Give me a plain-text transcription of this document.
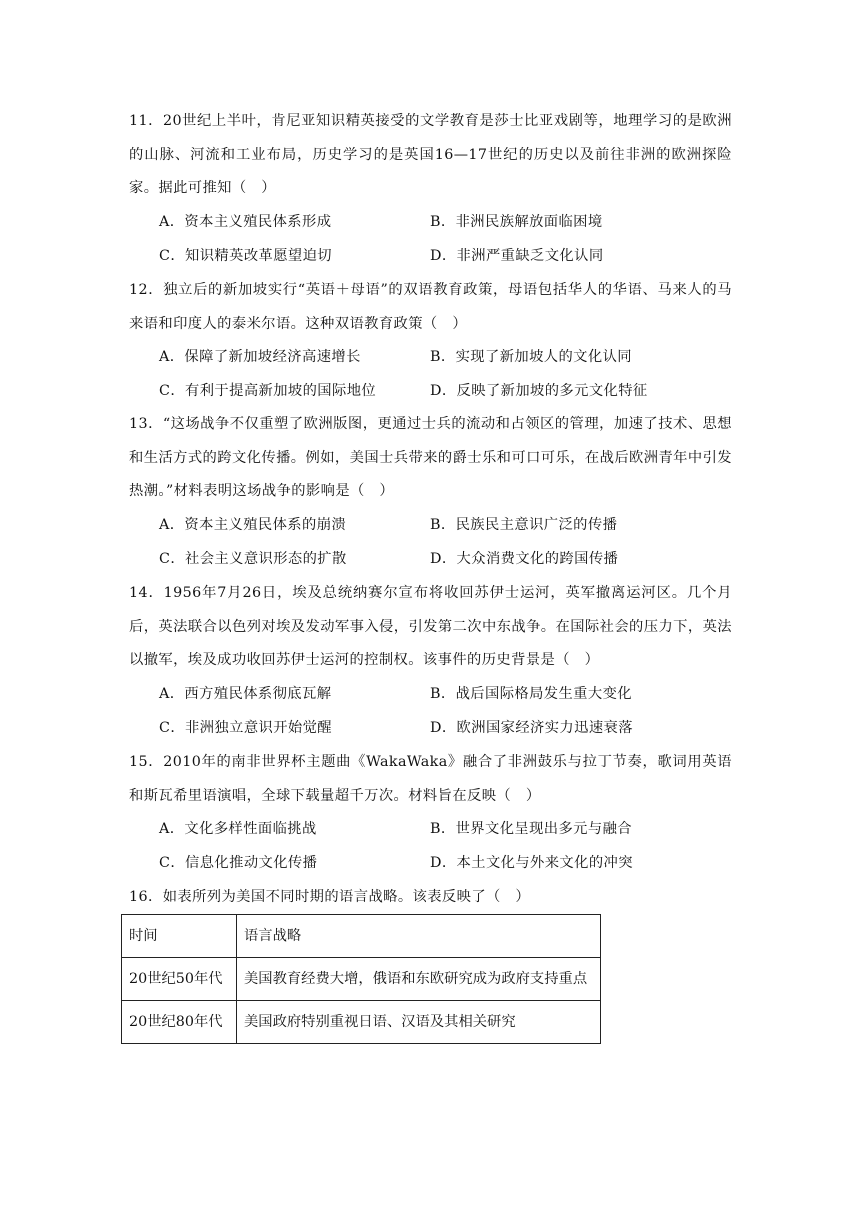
11．20世纪上半叶，肯尼亚知识精英接受的文学教育是莎士比亚戏剧等，地理学习的是欧洲的山脉、河流和工业布局，历史学习的是英国16—17世纪的历史以及前往非洲的欧洲探险家。据此可推知（　）
A．资本主义殖民体系形成	B．非洲民族解放面临困境
C．知识精英改革愿望迫切	D．非洲严重缺乏文化认同
12．独立后的新加坡实行“英语＋母语”的双语教育政策，母语包括华人的华语、马来人的马来语和印度人的泰米尔语。这种双语教育政策（　）
A．保障了新加坡经济高速增长	B．实现了新加坡人的文化认同
C．有利于提高新加坡的国际地位	D．反映了新加坡的多元文化特征
13．“这场战争不仅重塑了欧洲版图，更通过士兵的流动和占领区的管理，加速了技术、思想和生活方式的跨文化传播。例如，美国士兵带来的爵士乐和可口可乐，在战后欧洲青年中引发热潮。”材料表明这场战争的影响是（　）
A．资本主义殖民体系的崩溃	B．民族民主意识广泛的传播
C．社会主义意识形态的扩散	D．大众消费文化的跨国传播
14．1956年7月26日，埃及总统纳赛尔宣布将收回苏伊士运河，英军撤离运河区。几个月后，英法联合以色列对埃及发动军事入侵，引发第二次中东战争。在国际社会的压力下，英法以撤军，埃及成功收回苏伊士运河的控制权。该事件的历史背景是（　）
A．西方殖民体系彻底瓦解	B．战后国际格局发生重大变化
C．非洲独立意识开始觉醒	D．欧洲国家经济实力迅速衰落
15．2010年的南非世界杯主题曲《WakaWaka》融合了非洲鼓乐与拉丁节奏，歌词用英语和斯瓦希里语演唱，全球下载量超千万次。材料旨在反映（　）
A．文化多样性面临挑战	B．世界文化呈现出多元与融合
C．信息化推动文化传播	D．本土文化与外来文化的冲突
16．如表所列为美国不同时期的语言战略。该表反映了（　）
时间	语言战略
20世纪50年代	美国教育经费大增，俄语和东欧研究成为政府支持重点
20世纪80年代	美国政府特别重视日语、汉语及其相关研究
